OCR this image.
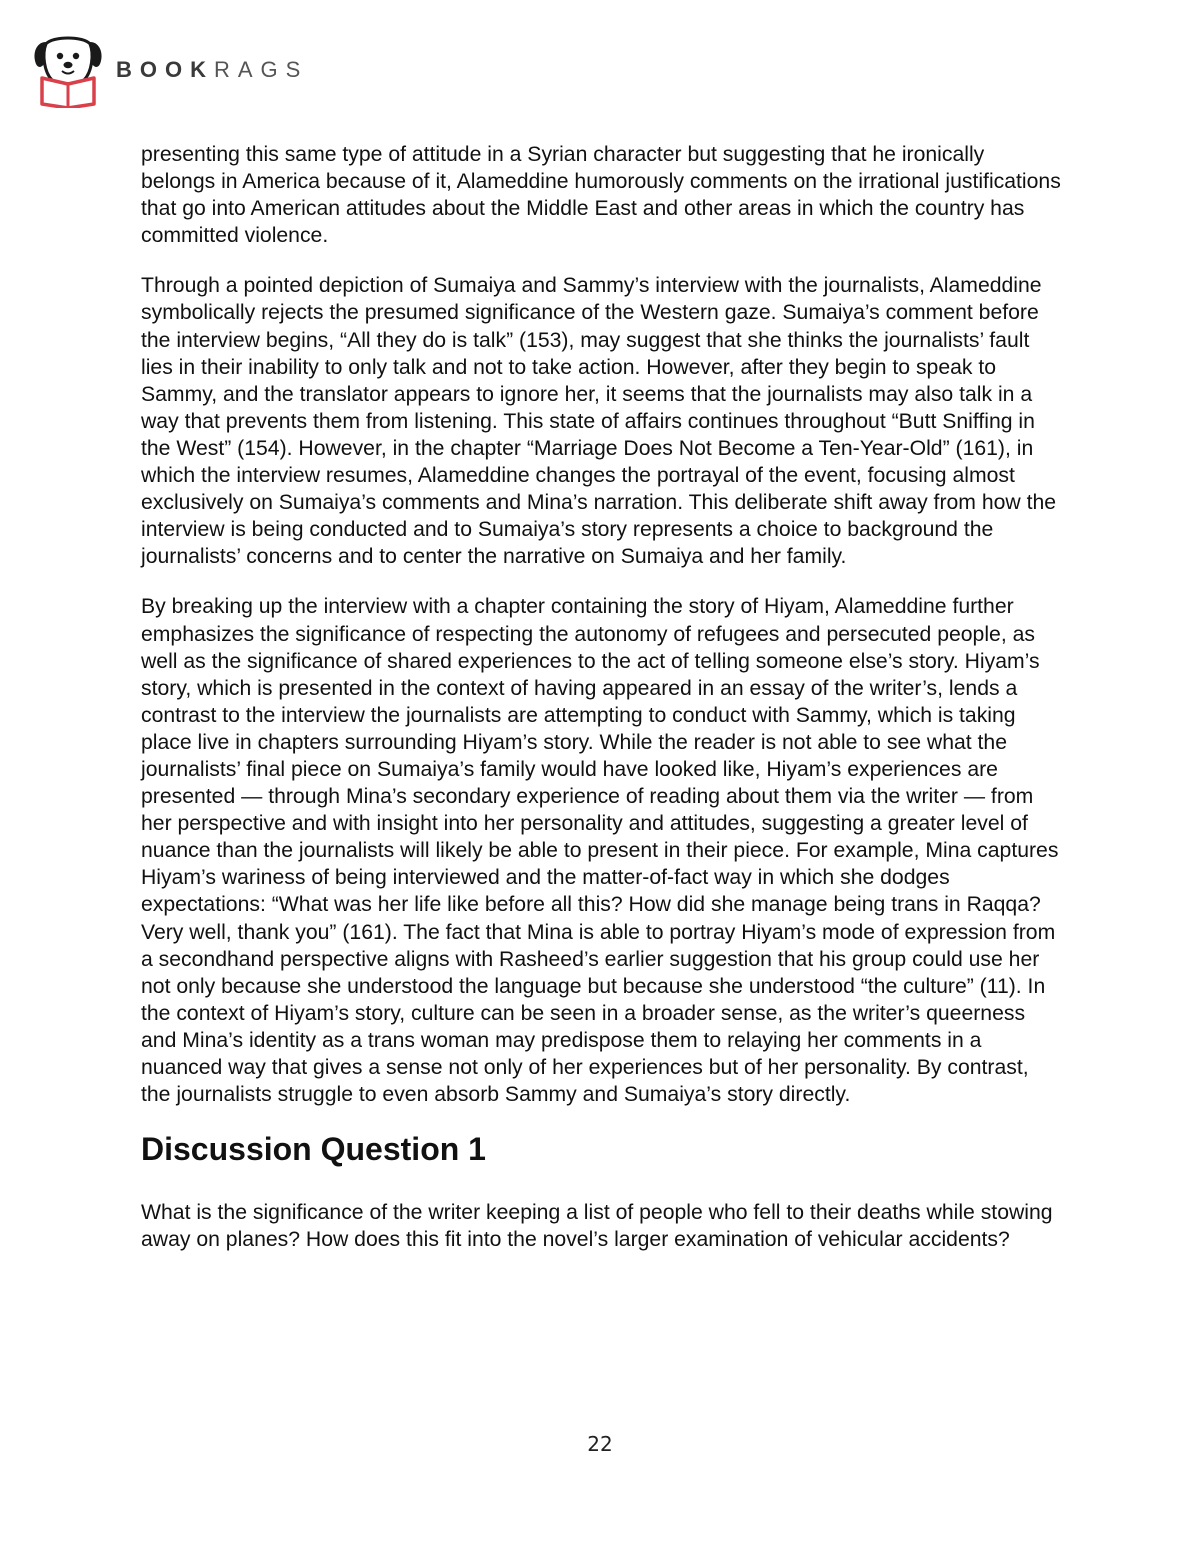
BOOK RAGS

presenting this same type of attitude in a Syrian character but suggesting that he ironically belongs in America because of it, Alameddine humorously comments on the irrational justifications that go into American attitudes about the Middle East and other areas in which the country has committed violence.

Through a pointed depiction of Sumaiya and Sammy’s interview with the journalists, Alameddine symbolically rejects the presumed significance of the Western gaze. Sumaiya’s comment before the interview begins, “All they do is talk” (153), may suggest that she thinks the journalists’ fault lies in their inability to only talk and not to take action. However, after they begin to speak to Sammy, and the translator appears to ignore her, it seems that the journalists may also talk in a way that prevents them from listening. This state of affairs continues throughout “Butt Sniffing in the West” (154). However, in the chapter “Marriage Does Not Become a Ten-Year-Old” (161), in which the interview resumes, Alameddine changes the portrayal of the event, focusing almost exclusively on Sumaiya’s comments and Mina’s narration. This deliberate shift away from how the interview is being conducted and to Sumaiya’s story represents a choice to background the journalists’ concerns and to center the narrative on Sumaiya and her family.

By breaking up the interview with a chapter containing the story of Hiyam, Alameddine further emphasizes the significance of respecting the autonomy of refugees and persecuted people, as well as the significance of shared experiences to the act of telling someone else’s story. Hiyam’s story, which is presented in the context of having appeared in an essay of the writer’s, lends a contrast to the interview the journalists are attempting to conduct with Sammy, which is taking place live in chapters surrounding Hiyam’s story. While the reader is not able to see what the journalists’ final piece on Sumaiya’s family would have looked like, Hiyam’s experiences are presented — through Mina’s secondary experience of reading about them via the writer — from her perspective and with insight into her personality and attitudes, suggesting a greater level of nuance than the journalists will likely be able to present in their piece. For example, Mina captures Hiyam’s wariness of being interviewed and the matter-of-fact way in which she dodges expectations: “What was her life like before all this? How did she manage being trans in Raqqa? Very well, thank you” (161). The fact that Mina is able to portray Hiyam’s mode of expression from a secondhand perspective aligns with Rasheed’s earlier suggestion that his group could use her not only because she understood the language but because she understood “the culture” (11). In the context of Hiyam’s story, culture can be seen in a broader sense, as the writer’s queerness and Mina’s identity as a trans woman may predispose them to relaying her comments in a nuanced way that gives a sense not only of her experiences but of her personality. By contrast, the journalists struggle to even absorb Sammy and Sumaiya’s story directly.

Discussion Question 1

What is the significance of the writer keeping a list of people who fell to their deaths while stowing away on planes? How does this fit into the novel’s larger examination of vehicular accidents?

22
